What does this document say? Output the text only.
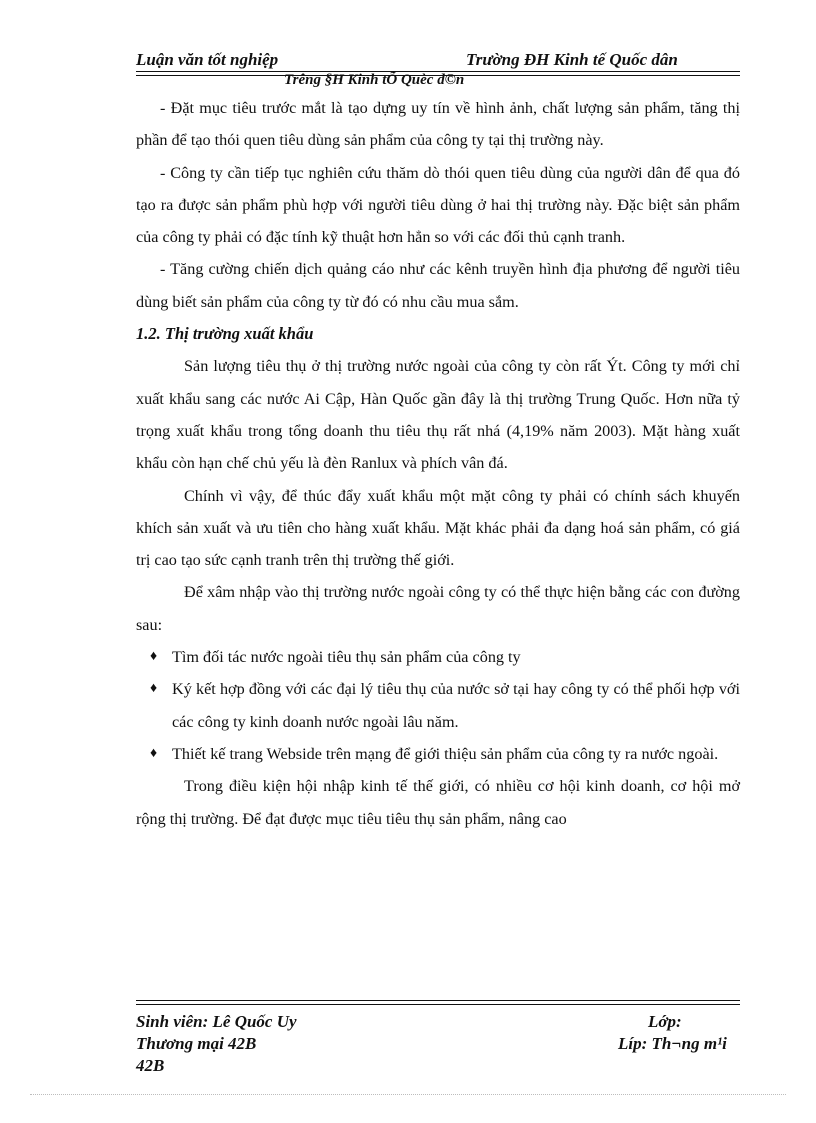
Luận văn tốt nghiệp	Trường ĐH Kinh tế Quốc dân
Trêng §H Kinh tÕ Quèc d©n

- Đặt mục tiêu trước mắt là tạo dựng uy tín về hình ảnh, chất lượng sản phẩm, tăng thị phần để tạo thói quen tiêu dùng sản phẩm của công ty tại thị trường này.

- Công ty cần tiếp tục nghiên cứu thăm dò thói quen tiêu dùng của người dân để qua đó tạo ra được sản phẩm phù hợp với người tiêu dùng ở hai thị trường này. Đặc biệt sản phẩm của công ty phải có đặc tính kỹ thuật hơn hẳn so với các đối thủ cạnh tranh.

- Tăng cường chiến dịch quảng cáo như các kênh truyền hình địa phương để người tiêu dùng biết sản phẩm của công ty từ đó có nhu cầu mua sắm.

1.2. Thị trường xuất khẩu

Sản lượng tiêu thụ ở thị trường nước ngoài của công ty còn rất Ýt. Công ty mới chỉ xuất khẩu sang các nước Ai Cập, Hàn Quốc gần đây là thị trường Trung Quốc. Hơn nữa tỷ trọng xuất khẩu trong tổng doanh thu tiêu thụ rất nhá (4,19% năm 2003). Mặt hàng xuất khẩu còn hạn chế chủ yếu là đèn Ranlux và phích vân đá.

Chính vì vậy, để thúc đẩy xuất khẩu một mặt công ty phải có chính sách khuyến khích sản xuất và ưu tiên cho hàng xuất khẩu. Mặt khác phải đa dạng hoá sản phẩm, có giá trị cao tạo sức cạnh tranh trên thị trường thế giới.

Để xâm nhập vào thị trường nước ngoài công ty có thể thực hiện bằng các con đường sau:

♦ Tìm đối tác nước ngoài tiêu thụ sản phẩm của công ty
♦ Ký kết hợp đồng với các đại lý tiêu thụ của nước sở tại hay công ty có thể phối hợp với các công ty kinh doanh nước ngoài lâu năm.
♦ Thiết kế trang Webside trên mạng để giới thiệu sản phẩm của công ty ra nước ngoài.

Trong điều kiện hội nhập kinh tế thế giới, có nhiều cơ hội kinh doanh, cơ hội mở rộng thị trường. Để đạt được mục tiêu tiêu thụ sản phẩm, nâng cao

Sinh viên: Lê Quốc Uy	Lớp:
Thương mại 42B	Líp: Th¬ng m¹i
42B
